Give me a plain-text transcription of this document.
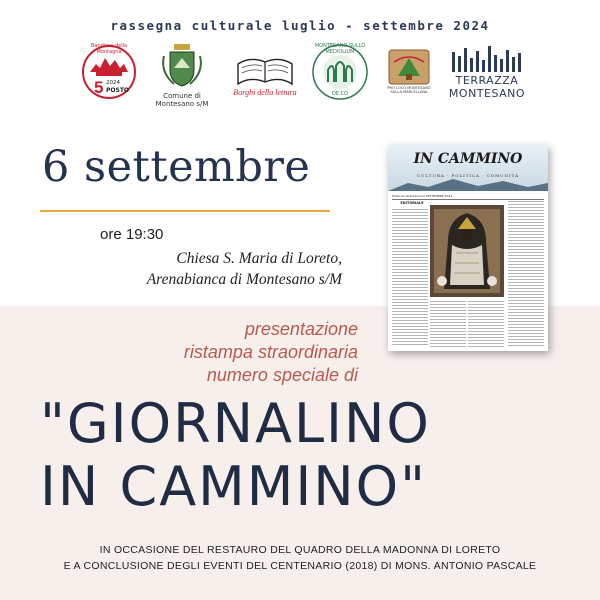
rassegna culturale luglio - settembre 2024
Bandiera della Montagna
5 2024
POSTO
Comune di
Montesano s/M
Borghi della lettura
MONTESANO SULLO MEDIOLIUM
DE.CO
PRO LOCO MONTESANO SULLA MARCELLANA
TERRAZZA
MONTESANO
6 settembre
ore 19:30
Chiesa S. Maria di Loreto,
Arenabianca di Montesano s/M
IN CAMMINO
CULTURA · POLITICA · COMUNITÀ
Edizione straordinaria SETTEMBRE 2024
EDITORIALE
presentazione
ristampa straordinaria
numero speciale di
"GIORNALINO
IN CAMMINO"
IN OCCASIONE DEL RESTAURO DEL QUADRO DELLA MADONNA DI LORETO
E A CONCLUSIONE DEGLI EVENTI DEL CENTENARIO (2018) DI MONS. ANTONIO PASCALE
